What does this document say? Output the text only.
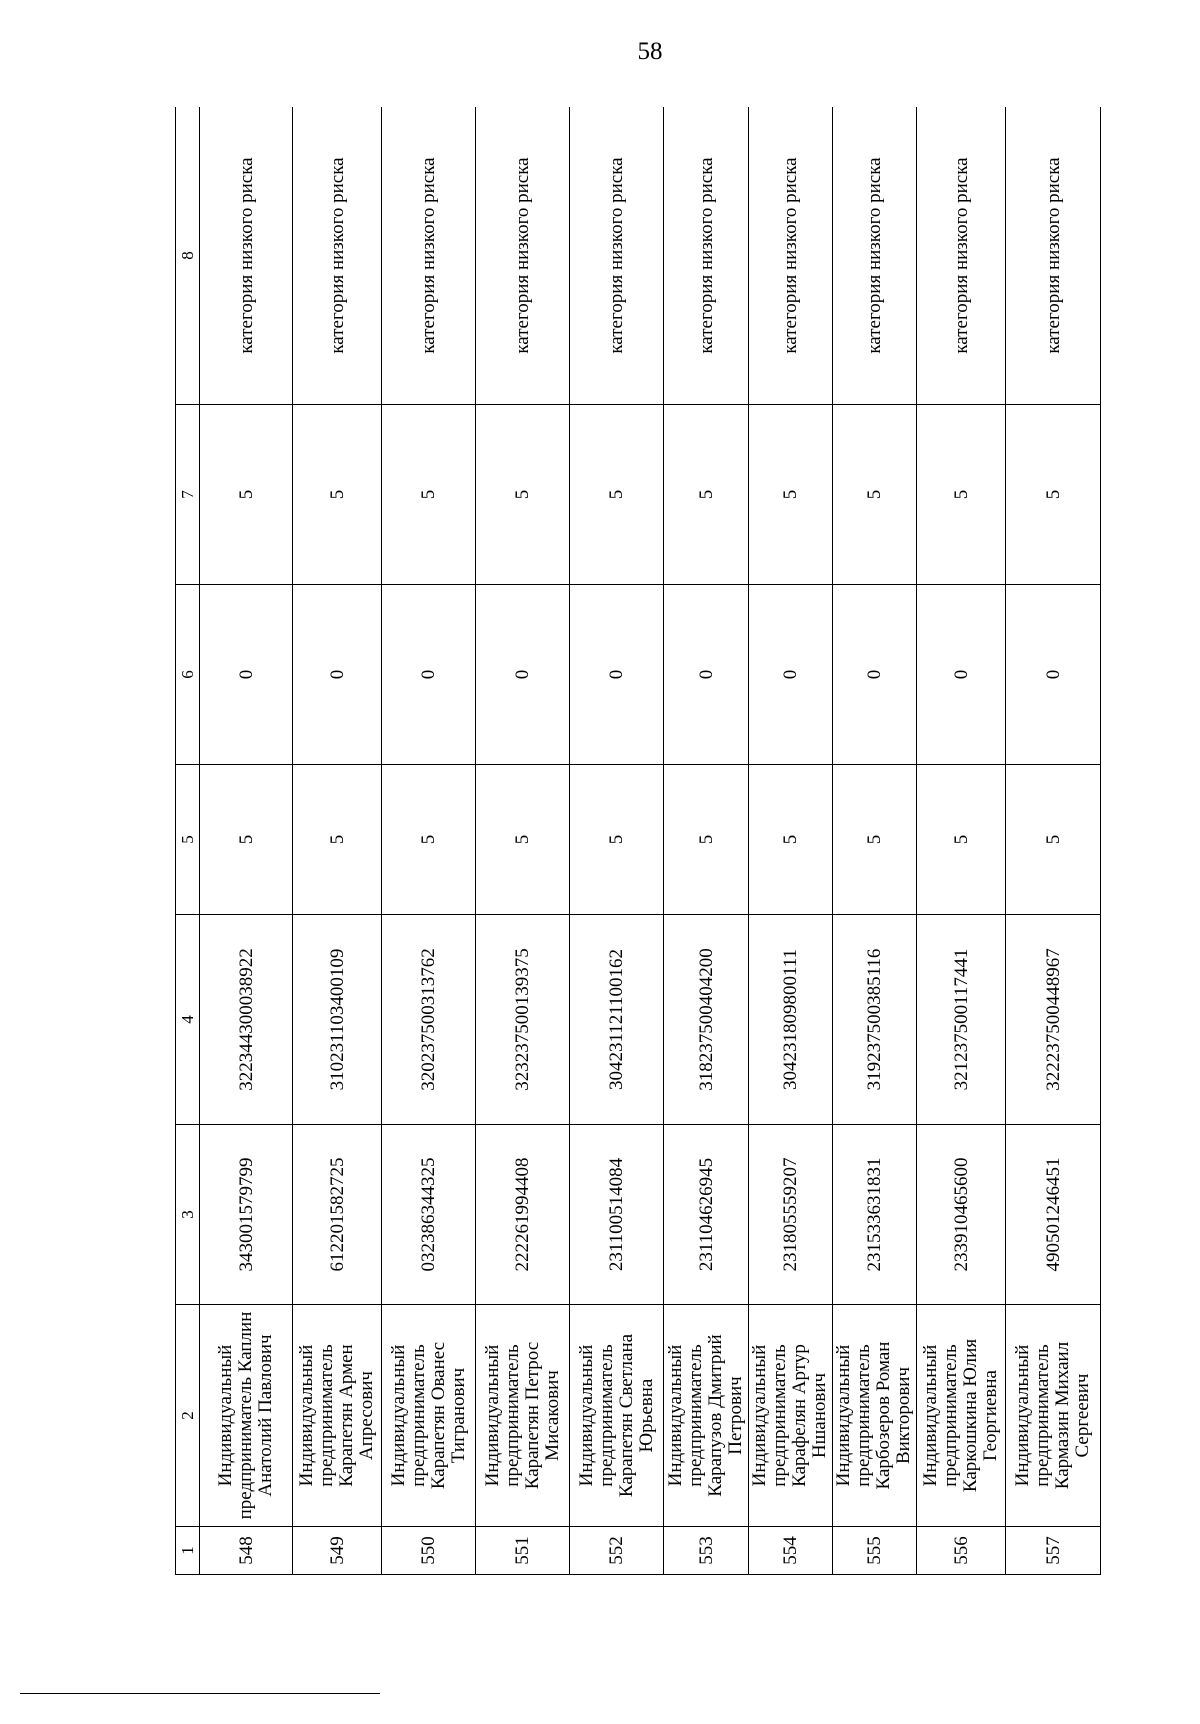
58
1	2	3	4	5	6	7	8
548	Индивидуальный предприниматель Каплин Анатолий Павлович	343001579799	322344300038922	5	0	5	категория низкого риска
549	Индивидуальный предприниматель Карапетян Армен Апресович	612201582725	310231103400109	5	0	5	категория низкого риска
550	Индивидуальный предприниматель Карапетян Ованес Тигранович	032386344325	320237500313762	5	0	5	категория низкого риска
551	Индивидуальный предприниматель Карапетян Петрос Мисакович	222261994408	323237500139375	5	0	5	категория низкого риска
552	Индивидуальный предприниматель Карапетян Светлана Юрьевна	231100514084	304231121100162	5	0	5	категория низкого риска
553	Индивидуальный предприниматель Карапузов Дмитрий Петрович	231104626945	318237500404200	5	0	5	категория низкого риска
554	Индивидуальный предприниматель Карафелян Артур Ншанович	231805559207	304231809800111	5	0	5	категория низкого риска
555	Индивидуальный предприниматель Карбозеров Роман Викторович	231533631831	319237500385116	5	0	5	категория низкого риска
556	Индивидуальный предприниматель Каркошкина Юлия Георгиевна	233910465600	321237500117441	5	0	5	категория низкого риска
557	Индивидуальный предприниматель Кармазин Михаил Сергеевич	490501246451	322237500448967	5	0	5	категория низкого риска
